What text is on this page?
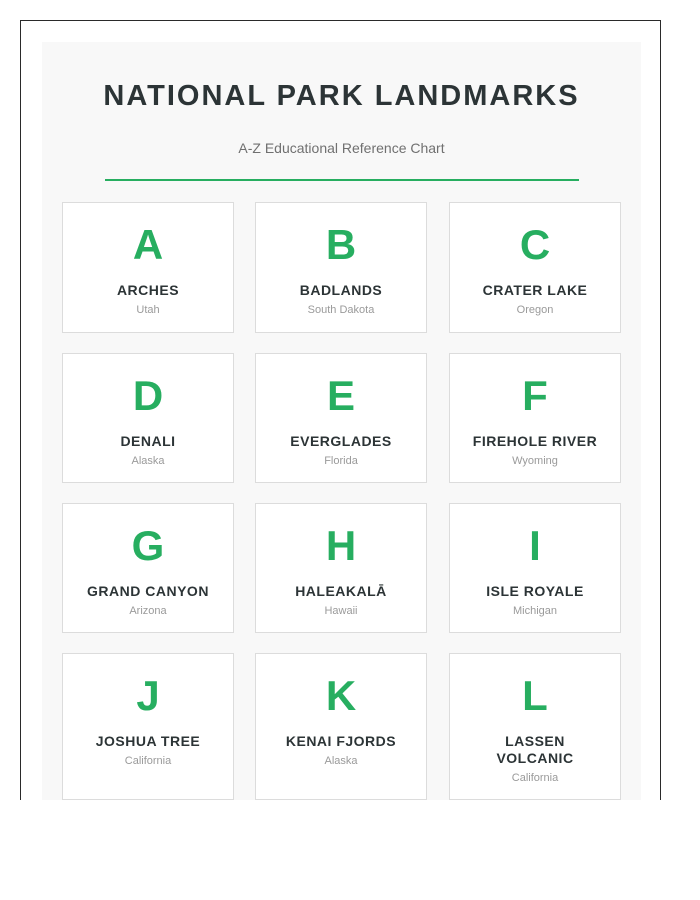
NATIONAL PARK LANDMARKS
A-Z Educational Reference Chart
A
ARCHES
Utah
B
BADLANDS
South Dakota
C
CRATER LAKE
Oregon
D
DENALI
Alaska
E
EVERGLADES
Florida
F
FIREHOLE RIVER
Wyoming
G
GRAND CANYON
Arizona
H
HALEAKALĀ
Hawaii
I
ISLE ROYALE
Michigan
J
JOSHUA TREE
California
K
KENAI FJORDS
Alaska
L
LASSEN VOLCANIC
California
